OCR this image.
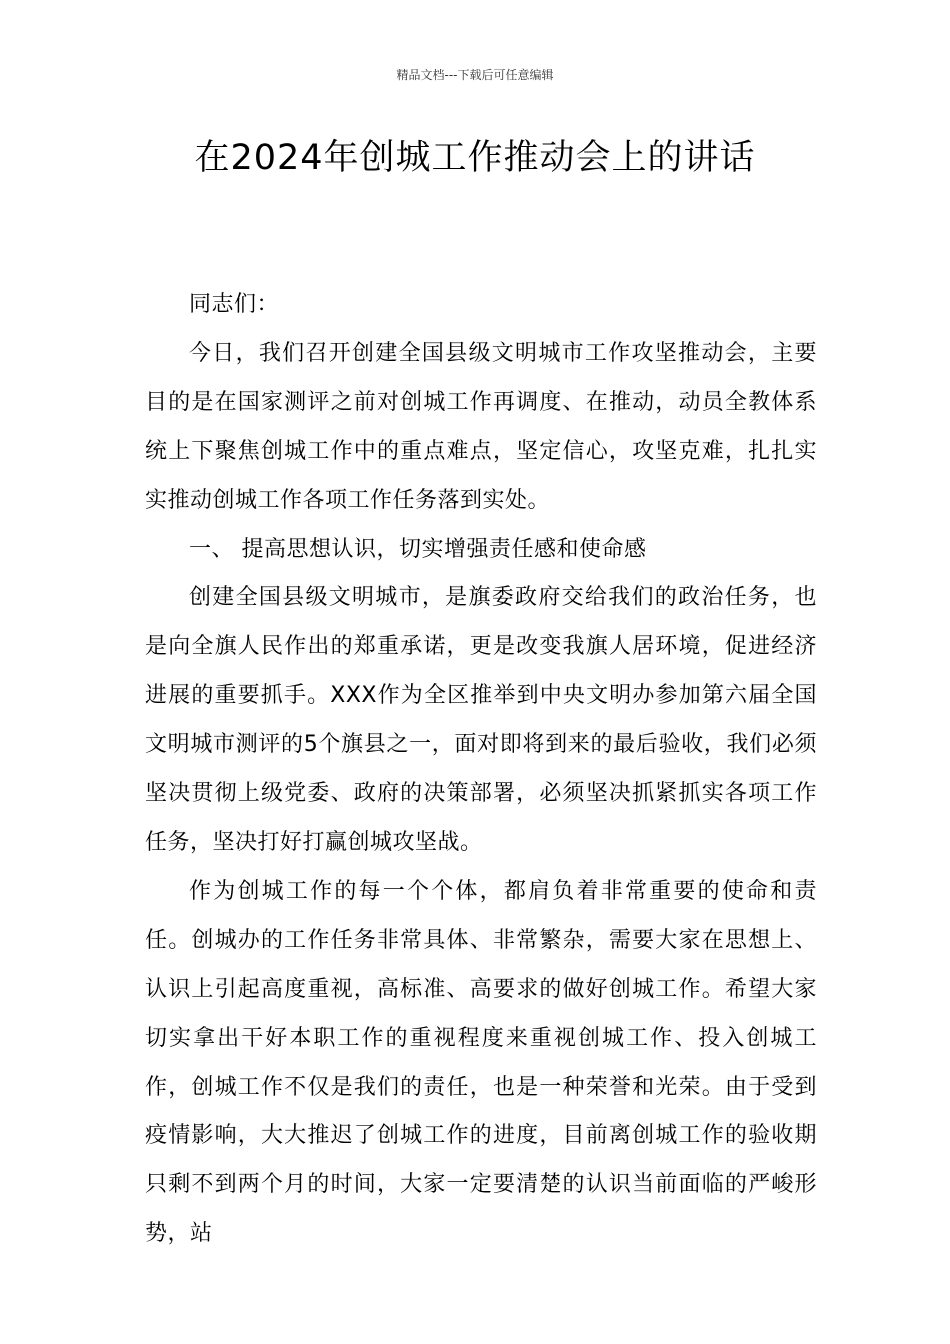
精品文档---下载后可任意编辑
在2024年创城工作推动会上的讲话

同志们：

今日，我们召开创建全国县级文明城市工作攻坚推动会，主要目的是在国家测评之前对创城工作再调度、在推动，动员全教体系统上下聚焦创城工作中的重点难点，坚定信心，攻坚克难，扎扎实实推动创城工作各项工作任务落到实处。

一、 提高思想认识，切实增强责任感和使命感

创建全国县级文明城市，是旗委政府交给我们的政治任务，也是向全旗人民作出的郑重承诺，更是改变我旗人居环境，促进经济进展的重要抓手。XXX作为全区推举到中央文明办参加第六届全国文明城市测评的5个旗县之一，面对即将到来的最后验收，我们必须坚决贯彻上级党委、政府的决策部署，必须坚决抓紧抓实各项工作任务，坚决打好打赢创城攻坚战。

作为创城工作的每一个个体，都肩负着非常重要的使命和责任。创城办的工作任务非常具体、非常繁杂，需要大家在思想上、认识上引起高度重视，高标准、高要求的做好创城工作。希望大家切实拿出干好本职工作的重视程度来重视创城工作、投入创城工作，创城工作不仅是我们的责任，也是一种荣誉和光荣。由于受到疫情影响，大大推迟了创城工作的进度，目前离创城工作的验收期只剩不到两个月的时间，大家一定要清楚的认识当前面临的严峻形势，站
